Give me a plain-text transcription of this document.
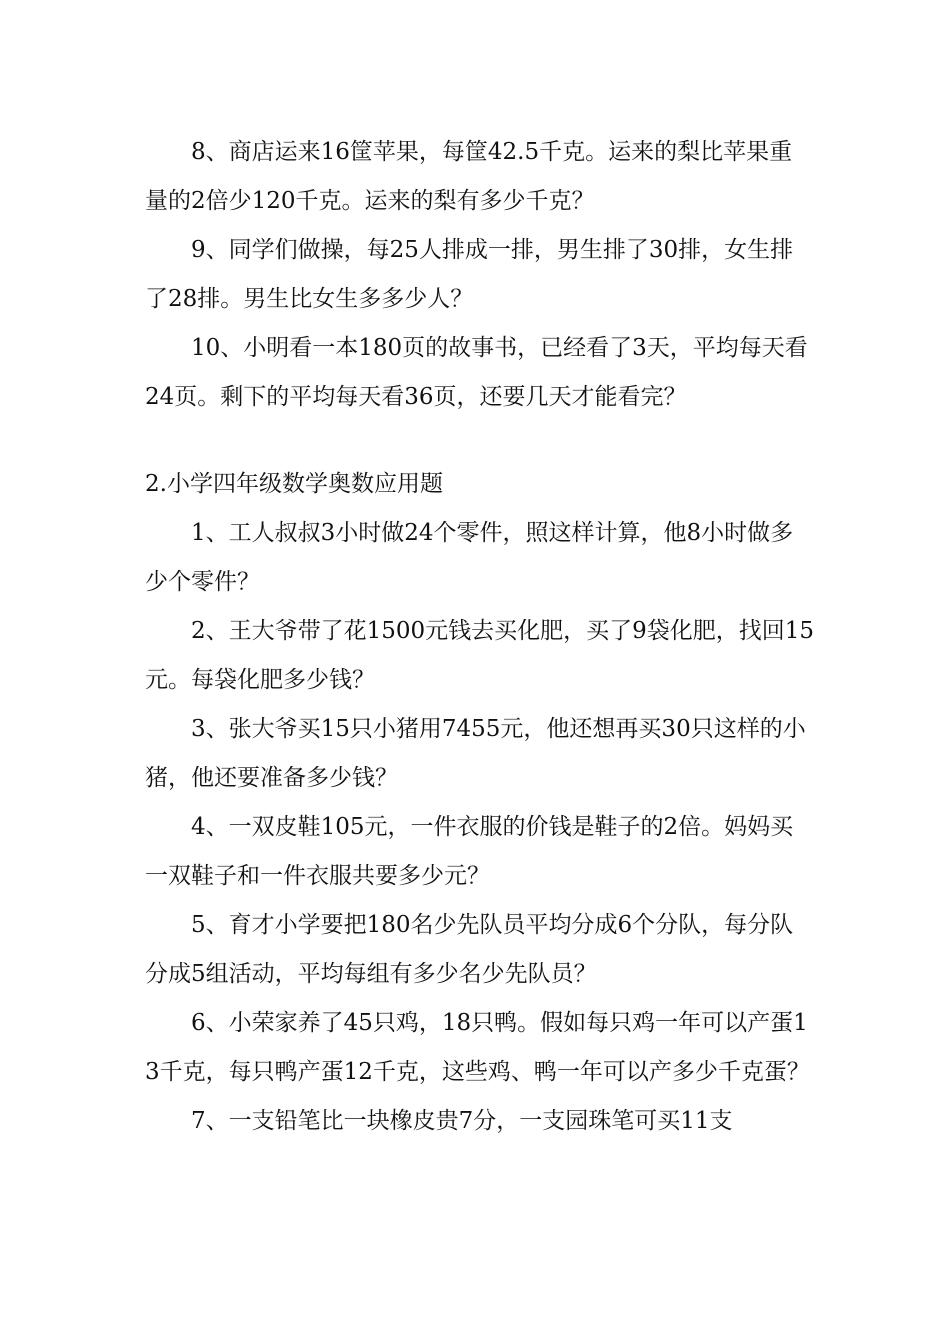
8、商店运来16筐苹果，每筐42.5千克。运来的梨比苹果重量的2倍少120千克。运来的梨有多少千克？

9、同学们做操，每25人排成一排，男生排了30排，女生排了28排。男生比女生多多少人？

10、小明看一本180页的故事书，已经看了3天，平均每天看24页。剩下的平均每天看36页，还要几天才能看完？

2.小学四年级数学奥数应用题

1、工人叔叔3小时做24个零件，照这样计算，他8小时做多少个零件？

2、王大爷带了花1500元钱去买化肥，买了9袋化肥，找回15元。每袋化肥多少钱？

3、张大爷买15只小猪用7455元，他还想再买30只这样的小猪，他还要准备多少钱？

4、一双皮鞋105元，一件衣服的价钱是鞋子的2倍。妈妈买一双鞋子和一件衣服共要多少元？

5、育才小学要把180名少先队员平均分成6个分队，每分队分成5组活动，平均每组有多少名少先队员？

6、小荣家养了45只鸡，18只鸭。假如每只鸡一年可以产蛋13千克，每只鸭产蛋12千克，这些鸡、鸭一年可以产多少千克蛋？

7、一支铅笔比一块橡皮贵7分，一支园珠笔可买11支
